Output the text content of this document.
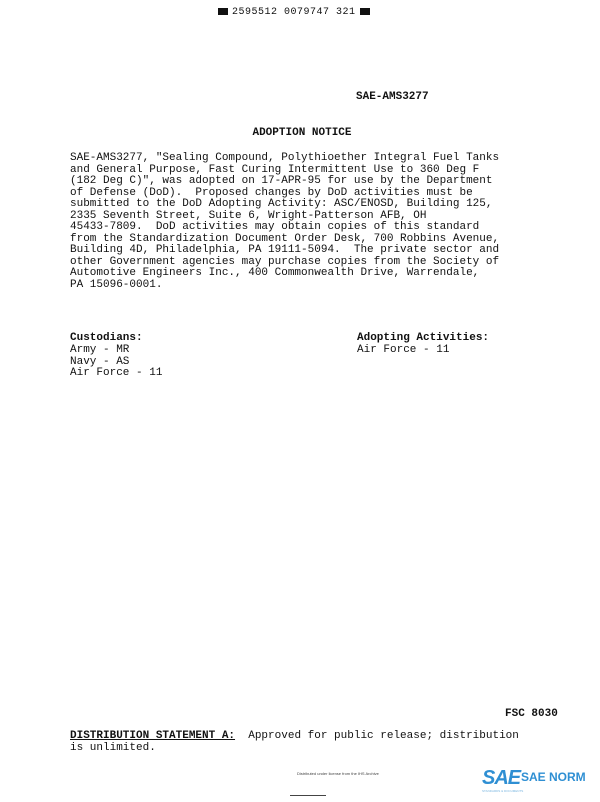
2595512 0079747 321
SAE-AMS3277
ADOPTION NOTICE

SAE-AMS3277, "Sealing Compound, Polythioether Integral Fuel Tanks
and General Purpose, Fast Curing Intermittent Use to 360 Deg F
(182 Deg C)", was adopted on 17-APR-95 for use by the Department
of Defense (DoD).  Proposed changes by DoD activities must be
submitted to the DoD Adopting Activity: ASC/ENOSD, Building 125,
2335 Seventh Street, Suite 6, Wright-Patterson AFB, OH
45433-7809.  DoD activities may obtain copies of this standard
from the Standardization Document Order Desk, 700 Robbins Avenue,
Building 4D, Philadelphia, PA 19111-5094.  The private sector and
other Government agencies may purchase copies from the Society of
Automotive Engineers Inc., 400 Commonwealth Drive, Warrendale,
PA 15096-0001.

Custodians:
Army - MR
Navy - AS
Air Force - 11
Adopting Activities:
Air Force - 11
FSC 8030
DISTRIBUTION STATEMENT A:  Approved for public release; distribution
is unlimited.
Distributed under license from the IHS Archive	SAE SAE NORM
STANDARDS & DOCUMENTS
